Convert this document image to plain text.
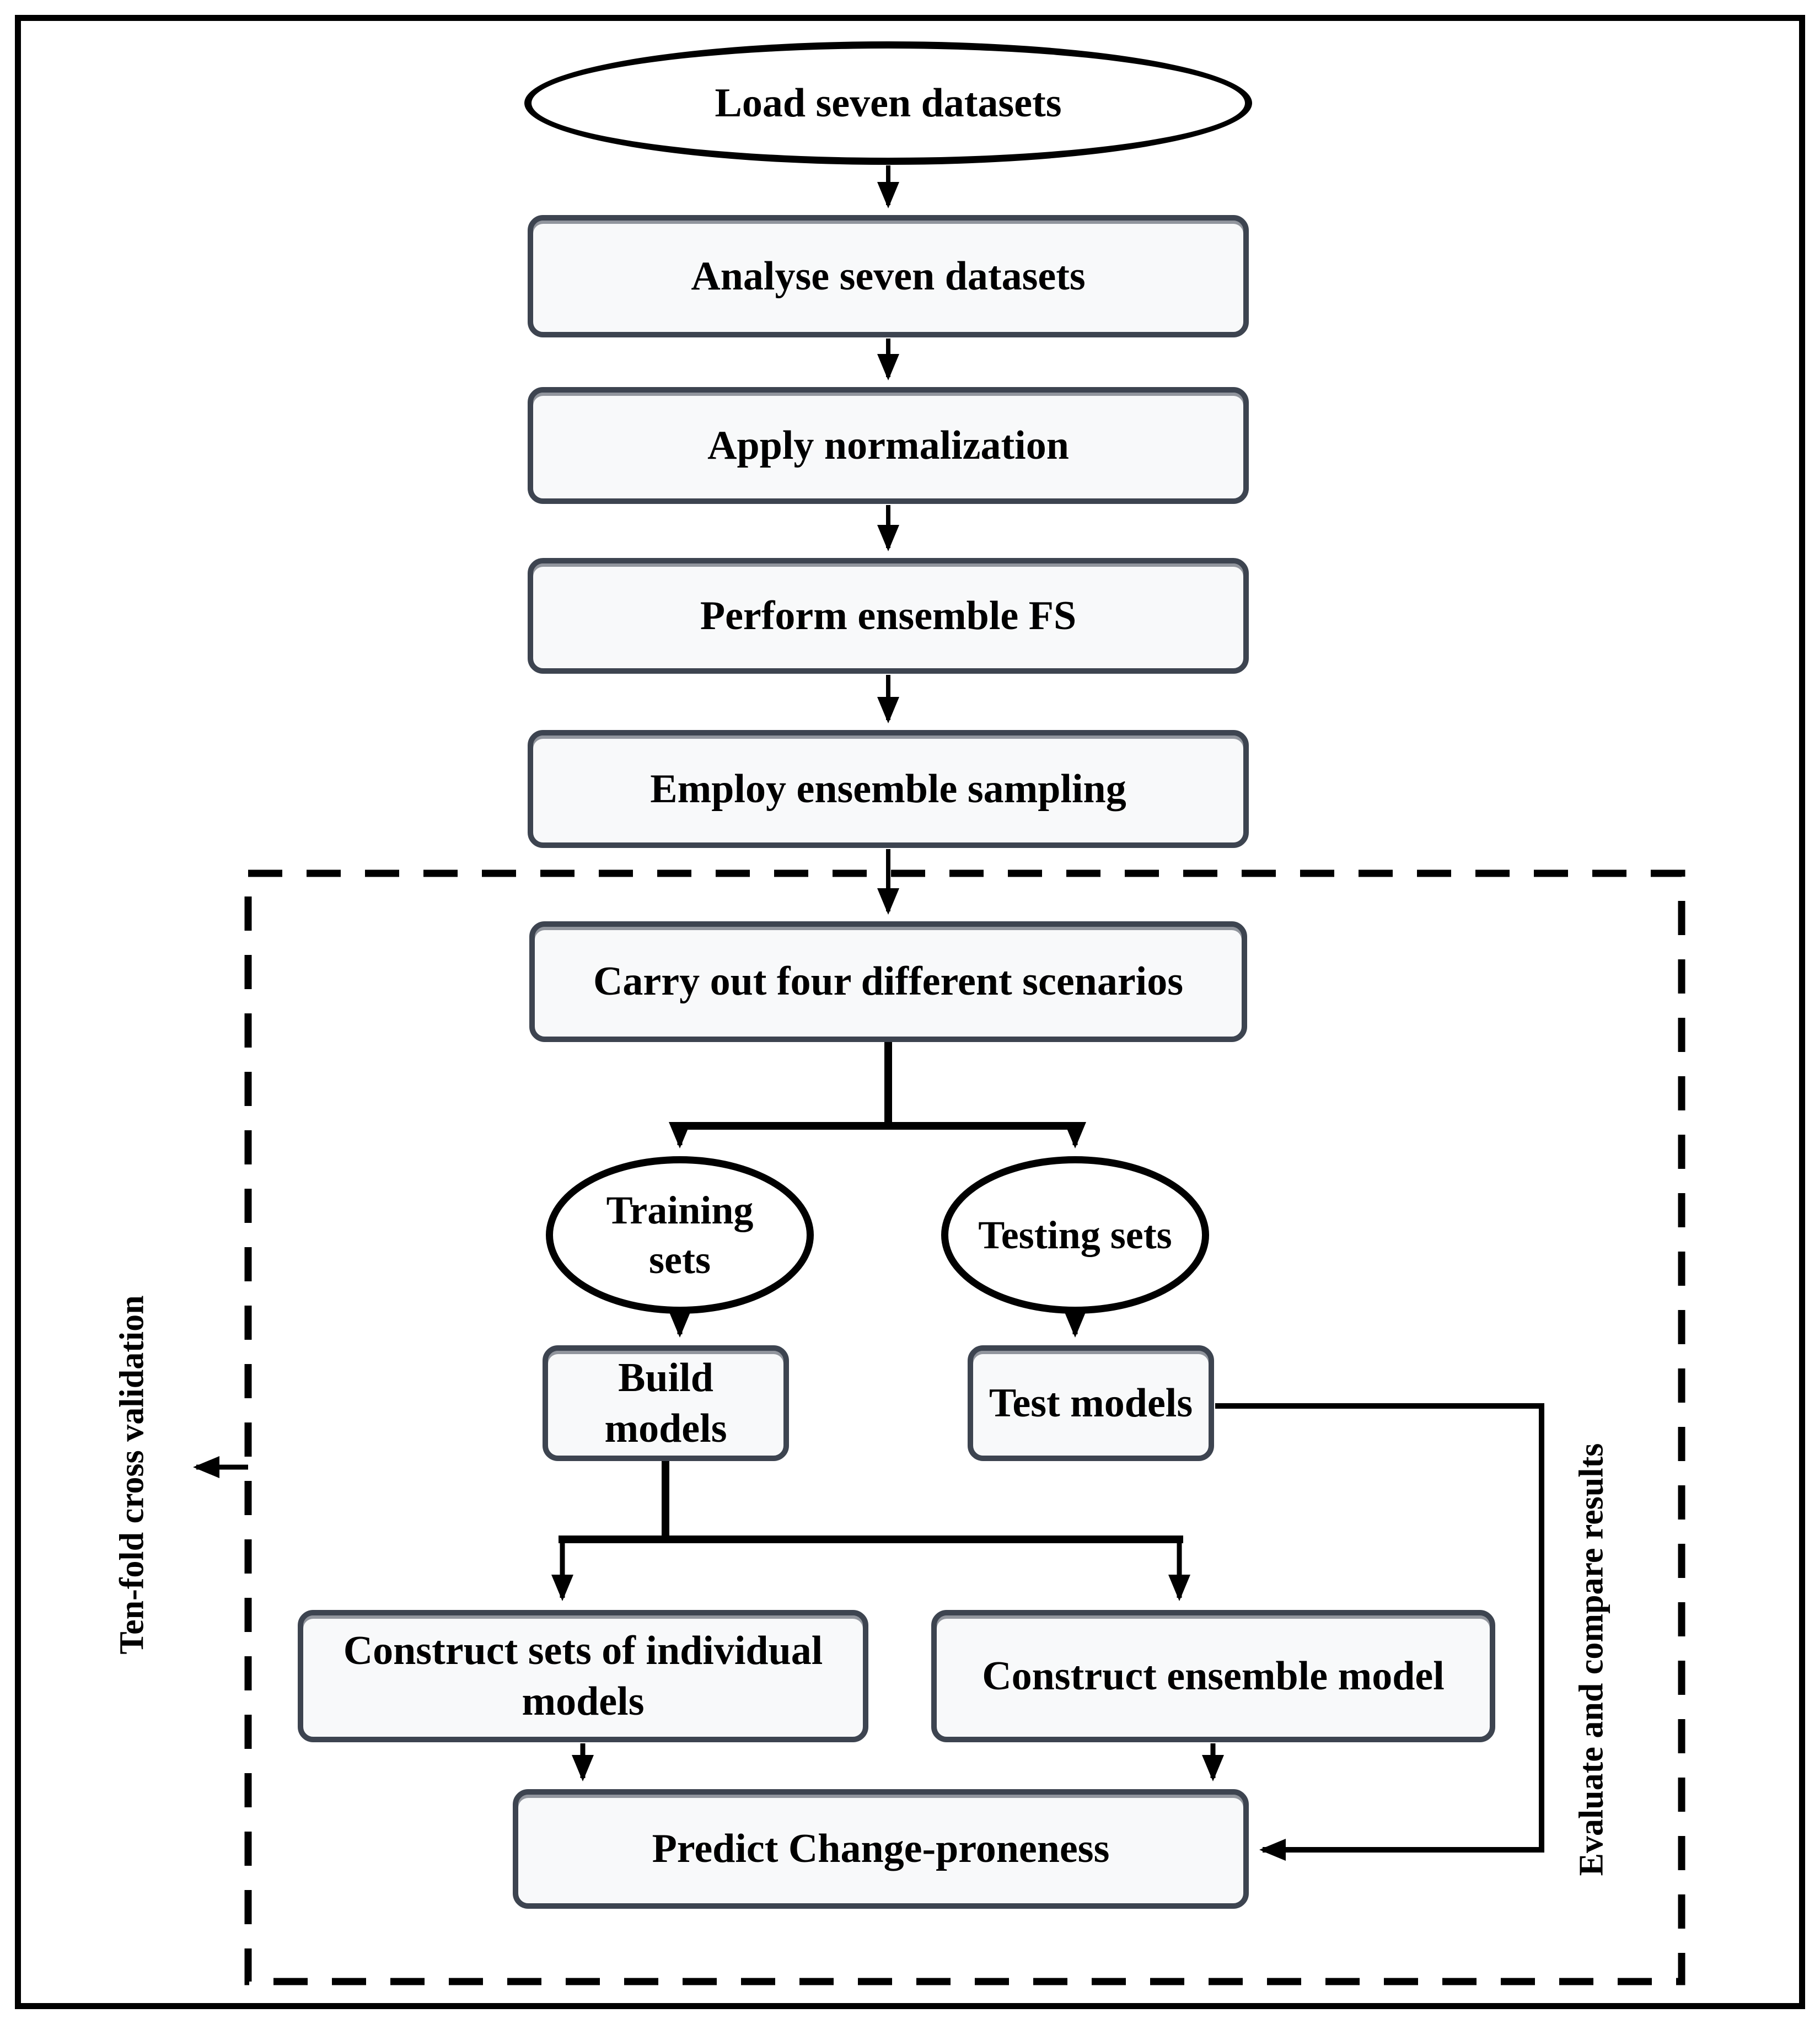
Load seven datasets
Analyse seven datasets
Apply normalization
Perform ensemble FS
Employ ensemble sampling
Carry out four different scenarios
Training sets
Testing sets
Build models
Test models
Construct sets of individual models
Construct ensemble model
Predict Change-proneness
Ten-fold cross validation	Evaluate and compare results
